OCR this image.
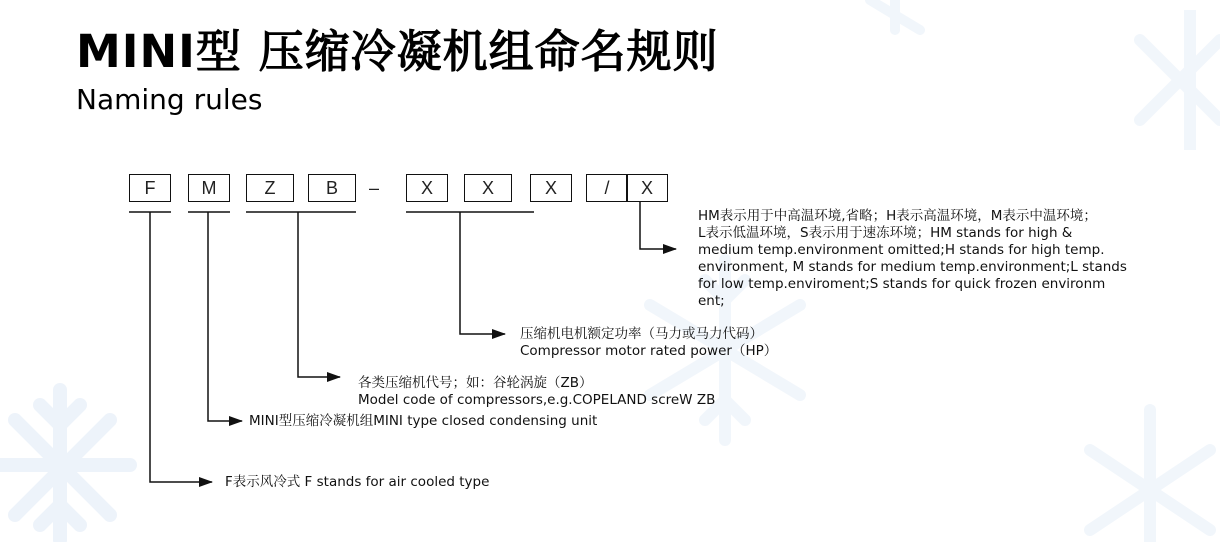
MINI型 压缩冷凝机组命名规则
Naming rules
F	M	Z	B	–	X	X	X	/	X
HM表示用于中高温环境,省略；H表示高温环境，M表示中温环境；
L表示低温环境，S表示用于速冻环境；HM stands for high &
medium temp.environment omitted;H stands for high temp.
environment, M stands for medium temp.environment;L stands
for low temp.enviroment;S stands for quick frozen environm
ent;
压缩机电机额定功率（马力或马力代码）
Compressor motor rated power（HP）
各类压缩机代号；如：谷轮涡旋（ZB）
Model code of compressors,e.g.COPELAND screW ZB
MINI型压缩冷凝机组MINI type closed condensing unit
F表示风冷式 F stands for air cooled type
